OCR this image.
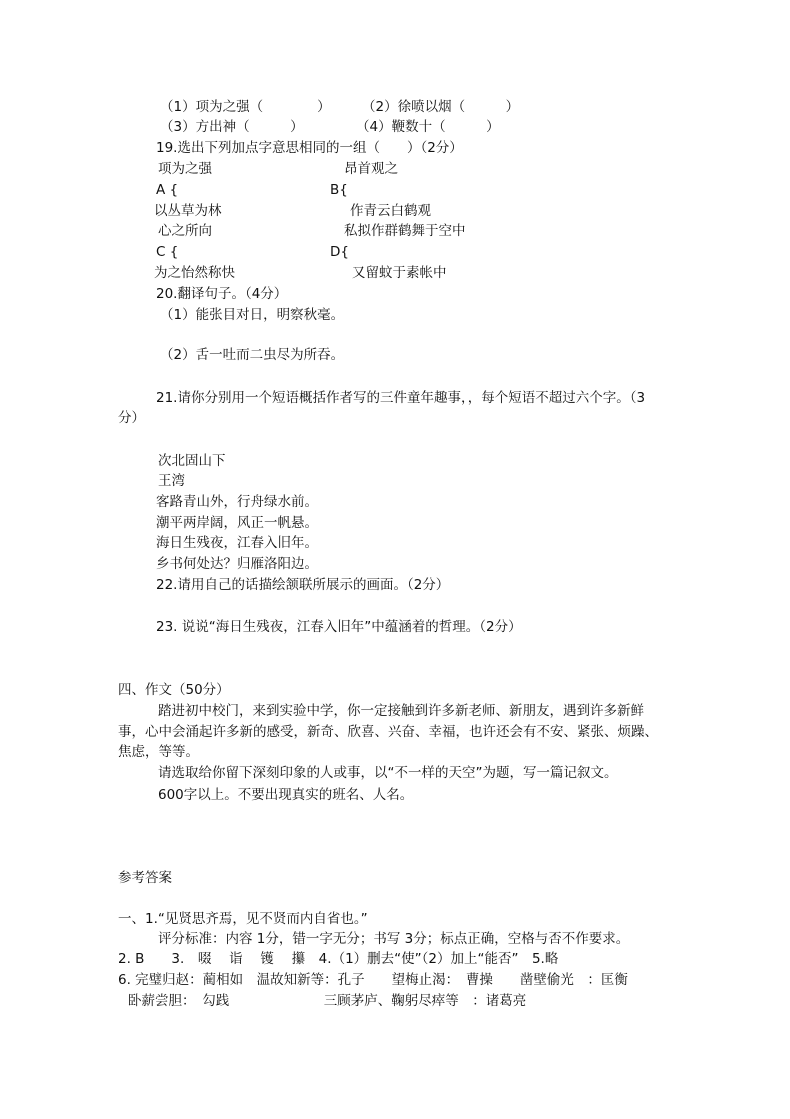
（1）项为之强（　　　　） （2）徐喷以烟（　　　）
（3）方出神（　　　）	（4）鞭数十（　　　）
19.选出下列加点字意思相同的一组（　　）（2分）
项为之强	昂首观之
A {	B{
以丛草为林	作青云白鹤观
心之所向	私拟作群鹤舞于空中
C {	D{
为之怡然称快	又留蚊于素帐中
20.翻译句子。（4分）
（1）能张目对日，明察秋毫。
（2）舌一吐而二虫尽为所吞。
21.请你分别用一个短语概括作者写的三件童年趣事，，每个短语不超过六个字。（3
分）
次北固山下
王湾
客路青山外，行舟绿水前。
潮平两岸阔，风正一帆悬。
海日生残夜，江春入旧年。
乡书何处达？归雁洛阳边。
22.请用自己的话描绘颔联所展示的画面。（2分）
23. 说说“海日生残夜，江春入旧年”中蕴涵着的哲理。（2分）
四、作文（50分）
踏进初中校门，来到实验中学，你一定接触到许多新老师、新朋友，遇到许多新鲜
事，心中会涌起许多新的感受，新奇、欣喜、兴奋、幸福，也许还会有不安、紧张、烦躁、
焦虑，等等。
请选取给你留下深刻印象的人或事，以“不一样的天空”为题，写一篇记叙文。
600字以上。不要出现真实的班名、人名。
参考答案
一、1.“见贤思齐焉，见不贤而内自省也。”
评分标准：内容 1分，错一字无分；书写 3分；标点正确，空格与否不作要求。
2. B　　3.　啜　 诣　 镬　 攥　4.（1）删去“使”（2）加上“能否”　5.略
6. 完璧归赵：蔺相如　温故知新等：孔子　　望梅止渴：　曹操　　凿壁偷光　：匡衡
卧薪尝胆：　勾践　　　　　　　三顾茅庐、鞠躬尽瘁等　：诸葛亮
